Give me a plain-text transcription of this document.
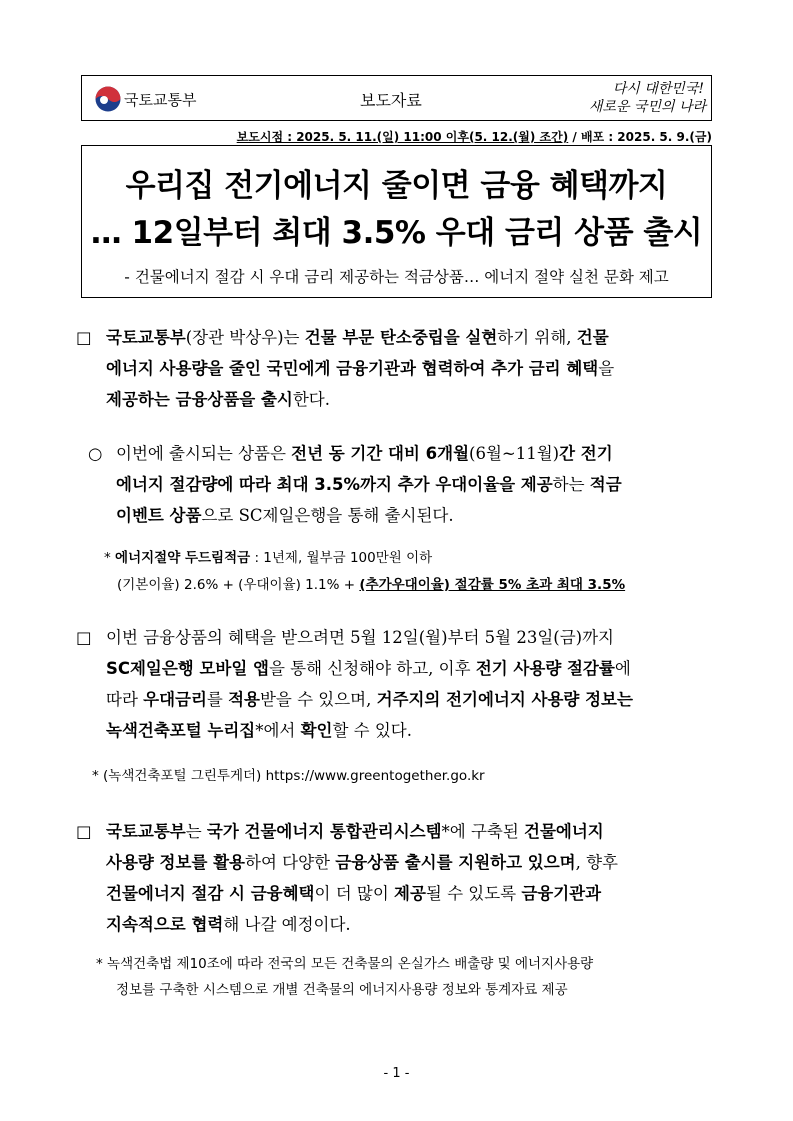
국토교통부	보도자료
다시 대한민국!
새로운 국민의 나라
보도시점 : 2025. 5. 11.(일) 11:00 이후(5. 12.(월) 조간) / 배포 : 2025. 5. 9.(금)
우리집 전기에너지 줄이면 금융 혜택까지
… 12일부터 최대 3.5% 우대 금리 상품 출시
- 건물에너지 절감 시 우대 금리 제공하는 적금상품… 에너지 절약 실천 문화 제고
□ 국토교통부(장관 박상우)는 건물 부문 탄소중립을 실현하기 위해, 건물
에너지 사용량을 줄인 국민에게 금융기관과 협력하여 추가 금리 혜택을
제공하는 금융상품을 출시한다.
○ 이번에 출시되는 상품은 전년 동 기간 대비 6개월(6월~11월)간 전기
에너지 절감량에 따라 최대 3.5%까지 추가 우대이율을 제공하는 적금
이벤트 상품으로 SC제일은행을 통해 출시된다.
* 에너지절약 두드림적금 : 1년제, 월부금 100만원 이하
(기본이율) 2.6% + (우대이율) 1.1% + (추가우대이율) 절감률 5% 초과 최대 3.5%
□ 이번 금융상품의 혜택을 받으려면 5월 12일(월)부터 5월 23일(금)까지
SC제일은행 모바일 앱을 통해 신청해야 하고, 이후 전기 사용량 절감률에
따라 우대금리를 적용받을 수 있으며, 거주지의 전기에너지 사용량 정보는
녹색건축포털 누리집*에서 확인할 수 있다.
* (녹색건축포털 그린투게더) https://www.greentogether.go.kr
□ 국토교통부는 국가 건물에너지 통합관리시스템*에 구축된 건물에너지
사용량 정보를 활용하여 다양한 금융상품 출시를 지원하고 있으며, 향후
건물에너지 절감 시 금융혜택이 더 많이 제공될 수 있도록 금융기관과
지속적으로 협력해 나갈 예정이다.
* 녹색건축법 제10조에 따라 전국의 모든 건축물의 온실가스 배출량 및 에너지사용량
정보를 구축한 시스템으로 개별 건축물의 에너지사용량 정보와 통계자료 제공
- 1 -
